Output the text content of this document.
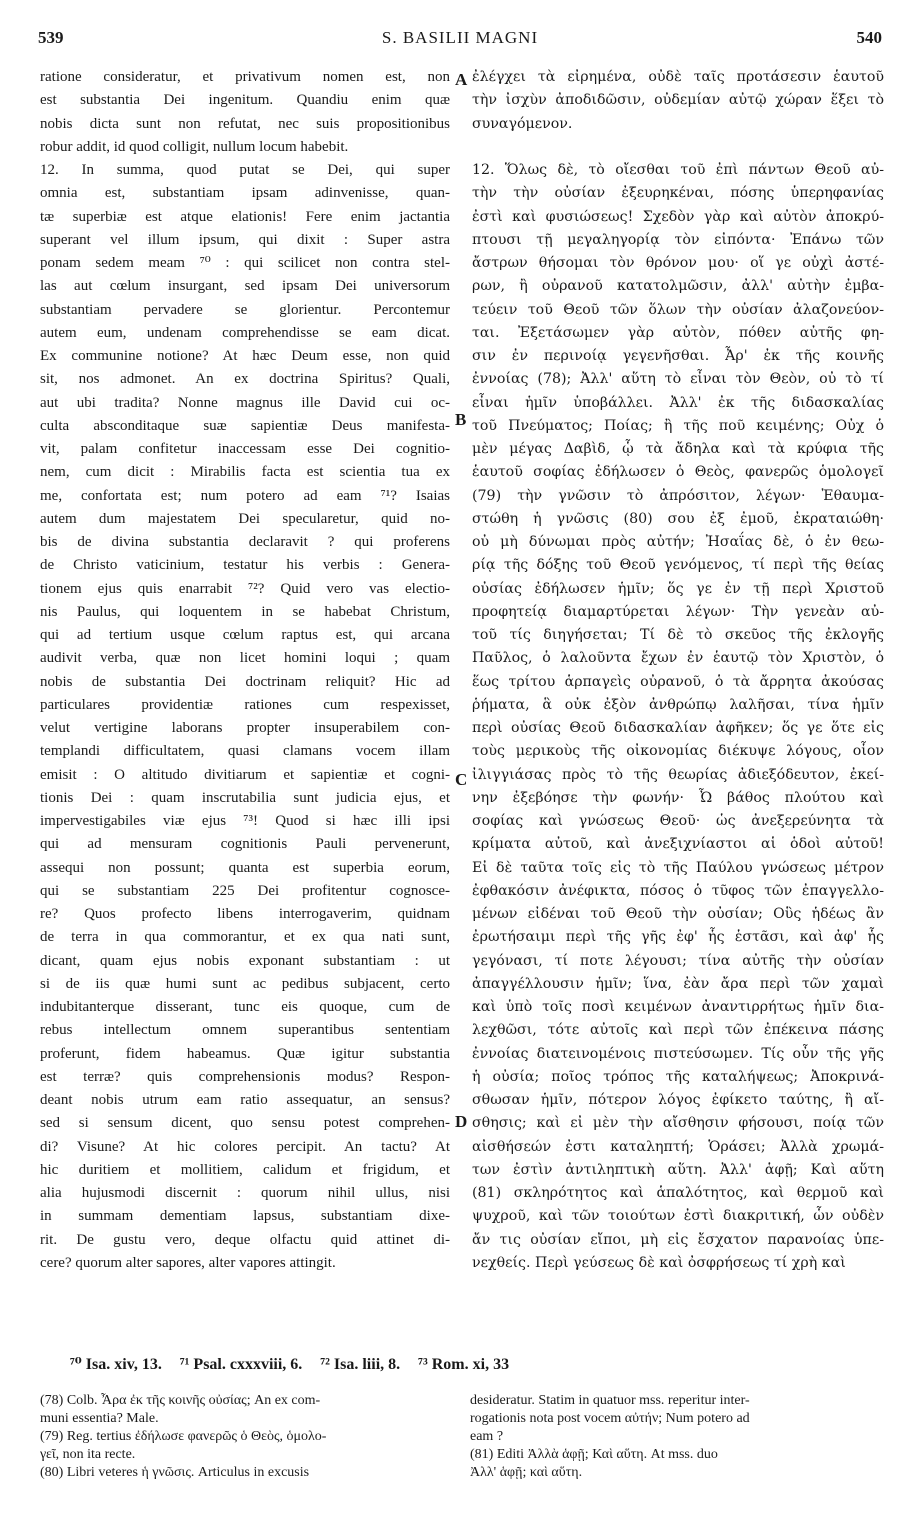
539	S. BASILII MAGNI	540
ratione consideratur, et privativum nomen est, non
est substantia Dei ingenitum. Quandiu enim quæ
nobis dicta sunt non refutat, nec suis propositionibus
robur addit, id quod colligit, nullum locum habebit.
12. In summa, quod putat se Dei, qui super
omnia est, substantiam ipsam adinvenisse, quan-
tæ superbiæ est atque elationis! Fere enim jactantia
superant vel illum ipsum, qui dixit : Super astra
ponam sedem meam ⁷⁰ : qui scilicet non contra stel-
las aut cœlum insurgant, sed ipsam Dei universorum
substantiam pervadere se glorientur. Percontemur
autem eum, undenam comprehendisse se eam dicat.
Ex communine notione? At hæc Deum esse, non quid
sit, nos admonet. An ex doctrina Spiritus? Quali,
aut ubi tradita? Nonne magnus ille David cui oc-
culta absconditaque suæ sapientiæ Deus manifesta-
vit, palam confitetur inaccessam esse Dei cognitio-
nem, cum dicit : Mirabilis facta est scientia tua ex
me, confortata est; num potero ad eam ⁷¹? Isaias
autem dum majestatem Dei specularetur, quid no-
bis de divina substantia declaravit ? qui proferens
de Christo vaticinium, testatur his verbis : Genera-
tionem ejus quis enarrabit ⁷²? Quid vero vas electio-
nis Paulus, qui loquentem in se habebat Christum,
qui ad tertium usque cœlum raptus est, qui arcana
audivit verba, quæ non licet homini loqui ; quam
nobis de substantia Dei doctrinam reliquit? Hic ad
particulares providentiæ rationes cum respexisset,
velut vertigine laborans propter insuperabilem con-
templandi difficultatem, quasi clamans vocem illam
emisit : O altitudo divitiarum et sapientiæ et cogni-
tionis Dei : quam inscrutabilia sunt judicia ejus, et
impervestigabiles viæ ejus ⁷³! Quod si hæc illi ipsi
qui ad mensuram cognitionis Pauli pervenerunt,
assequi non possunt; quanta est superbia eorum,
qui se substantiam 225 Dei profitentur cognosce-
re? Quos profecto libens interrogaverim, quidnam
de terra in qua commorantur, et ex qua nati sunt,
dicant, quam ejus nobis exponant substantiam : ut
si de iis quæ humi sunt ac pedibus subjacent, certo
indubitanterque disserant, tunc eis quoque, cum de
rebus intellectum omnem superantibus sententiam
proferunt, fidem habeamus. Quæ igitur substantia
est terræ? quis comprehensionis modus? Respon-
deant nobis utrum eam ratio assequatur, an sensus?
sed si sensum dicent, quo sensu potest comprehen-
di? Visune? At hic colores percipit. An tactu? At
hic duritiem et mollitiem, calidum et frigidum, et
alia hujusmodi discernit : quorum nihil ullus, nisi
in summam dementiam lapsus, substantiam dixe-
rit. De gustu vero, deque olfactu quid attinet di-
cere? quorum alter sapores, alter vapores attingit.
ἐλέγχει τὰ εἰρημένα, οὐδὲ ταῖς προτάσεσιν ἑαυτοῦ
τὴν ἰσχὺν ἀποδιδῶσιν, οὐδεμίαν αὐτῷ χώραν ἕξει τὸ
συναγόμενον.
12. Ὅλως δὲ, τὸ οἴεσθαι τοῦ ἐπὶ πάντων Θεοῦ αὐ-
τὴν τὴν οὐσίαν ἐξευρηκέναι, πόσης ὑπερηφανίας
ἐστὶ καὶ φυσιώσεως! Σχεδὸν γὰρ καὶ αὐτὸν ἀποκρύ-
πτουσι τῇ μεγαληγορίᾳ τὸν εἰπόντα· Ἐπάνω τῶν
ἄστρων θήσομαι τὸν θρόνον μου· οἵ γε οὐχὶ ἀστέ-
ρων, ἢ οὐρανοῦ κατατολμῶσιν, ἀλλ' αὐτὴν ἐμβα-
τεύειν τοῦ Θεοῦ τῶν ὅλων τὴν οὐσίαν ἀλαζονεύον-
ται. Ἐξετάσωμεν γὰρ αὐτὸν, πόθεν αὐτῆς φη-
σιν ἐν περινοίᾳ γεγενῆσθαι. Ἆρ' ἐκ τῆς κοινῆς
ἐννοίας (78); Ἀλλ' αὕτη τὸ εἶναι τὸν Θεὸν, οὐ τὸ τί
εἶναι ἡμῖν ὑποβάλλει. Ἀλλ' ἐκ τῆς διδασκαλίας
τοῦ Πνεύματος; Ποίας; ἢ τῆς ποῦ κειμένης; Οὐχ ὁ
μὲν μέγας Δαβὶδ, ᾧ τὰ ἄδηλα καὶ τὰ κρύφια τῆς
ἑαυτοῦ σοφίας ἐδήλωσεν ὁ Θεὸς, φανερῶς ὁμολογεῖ
(79) τὴν γνῶσιν τὸ ἀπρόσιτον, λέγων· Ἐθαυμα-
στώθη ἡ γνῶσις (80) σου ἐξ ἐμοῦ, ἐκραταιώθη·
οὐ μὴ δύνωμαι πρὸς αὐτήν; Ἠσαΐας δὲ, ὁ ἐν θεω-
ρίᾳ τῆς δόξης τοῦ Θεοῦ γενόμενος, τί περὶ τῆς θείας
οὐσίας ἐδήλωσεν ἡμῖν; ὅς γε ἐν τῇ περὶ Χριστοῦ
προφητείᾳ διαμαρτύρεται λέγων· Τὴν γενεὰν αὐ-
τοῦ τίς διηγήσεται; Τί δὲ τὸ σκεῦος τῆς ἐκλογῆς
Παῦλος, ὁ λαλοῦντα ἔχων ἐν ἑαυτῷ τὸν Χριστὸν, ὁ
ἕως τρίτου ἁρπαγεὶς οὐρανοῦ, ὁ τὰ ἄρρητα ἀκούσας
ῥήματα, ἃ οὐκ ἐξὸν ἀνθρώπῳ λαλῆσαι, τίνα ἡμῖν
περὶ οὐσίας Θεοῦ διδασκαλίαν ἀφῆκεν; ὅς γε ὅτε εἰς
τοὺς μερικοὺς τῆς οἰκονομίας διέκυψε λόγους, οἷον
ἰλιγγιάσας πρὸς τὸ τῆς θεωρίας ἀδιεξόδευτον, ἐκεί-
νην ἐξεβόησε τὴν φωνήν· Ὦ βάθος πλούτου καὶ
σοφίας καὶ γνώσεως Θεοῦ· ὡς ἀνεξερεύνητα τὰ
κρίματα αὐτοῦ, καὶ ἀνεξιχνίαστοι αἱ ὁδοὶ αὐτοῦ!
Εἰ δὲ ταῦτα τοῖς εἰς τὸ τῆς Παύλου γνώσεως μέτρον
ἐφθακόσιν ἀνέφικτα, πόσος ὁ τῦφος τῶν ἐπαγγελλο-
μένων εἰδέναι τοῦ Θεοῦ τὴν οὐσίαν; Οὓς ἡδέως ἂν
ἐρωτήσαιμι περὶ τῆς γῆς ἐφ' ἧς ἑστᾶσι, καὶ ἀφ' ἧς
γεγόνασι, τί ποτε λέγουσι; τίνα αὐτῆς τὴν οὐσίαν
ἀπαγγέλλουσιν ἡμῖν; ἵνα, ἐὰν ἄρα περὶ τῶν χαμαὶ
καὶ ὑπὸ τοῖς ποσὶ κειμένων ἀναντιρρήτως ἡμῖν δια-
λεχθῶσι, τότε αὐτοῖς καὶ περὶ τῶν ἐπέκεινα πάσης
ἐννοίας διατεινομένοις πιστεύσωμεν. Τίς οὖν τῆς γῆς
ἡ οὐσία; ποῖος τρόπος τῆς καταλήψεως; Ἀποκρινά-
σθωσαν ἡμῖν, πότερον λόγος ἐφίκετο ταύτης, ἢ αἴ-
σθησις; καὶ εἰ μὲν τὴν αἴσθησιν φήσουσι, ποίᾳ τῶν
αἰσθήσεών ἐστι καταληπτή; Ὁράσει; Ἀλλὰ χρωμά-
των ἐστὶν ἀντιληπτικὴ αὕτη. Ἀλλ' ἁφῇ; Καὶ αὕτη
(81) σκληρότητος καὶ ἁπαλότητος, καὶ θερμοῦ καὶ
ψυχροῦ, καὶ τῶν τοιούτων ἐστὶ διακριτική, ὧν οὐδὲν
ἄν τις οὐσίαν εἴποι, μὴ εἰς ἔσχατον παρανοίας ὑπε-
νεχθείς. Περὶ γεύσεως δὲ καὶ ὀσφρήσεως τί χρὴ καὶ
A
B
C
D
⁷⁰ Isa. xiv, 13. ⁷¹ Psal. cxxxviii, 6. ⁷² Isa. liii, 8. ⁷³ Rom. xi, 33
(78) Colb. Ἆρα ἐκ τῆς κοινῆς οὐσίας; An ex com-
muni essentia? Male.
(79) Reg. tertius ἐδήλωσε φανερῶς ὁ Θεὸς, ὁμολο-
γεῖ, non ita recte.
(80) Libri veteres ἡ γνῶσις. Articulus in excusis
desideratur. Statim in quatuor mss. reperitur inter-
rogationis nota post vocem αὐτήν; Num potero ad
eam ?
(81) Editi Ἀλλὰ ἁφῇ; Καὶ αὕτη. At mss. duo
Ἀλλ' ἁφῇ; καὶ αὕτη.
